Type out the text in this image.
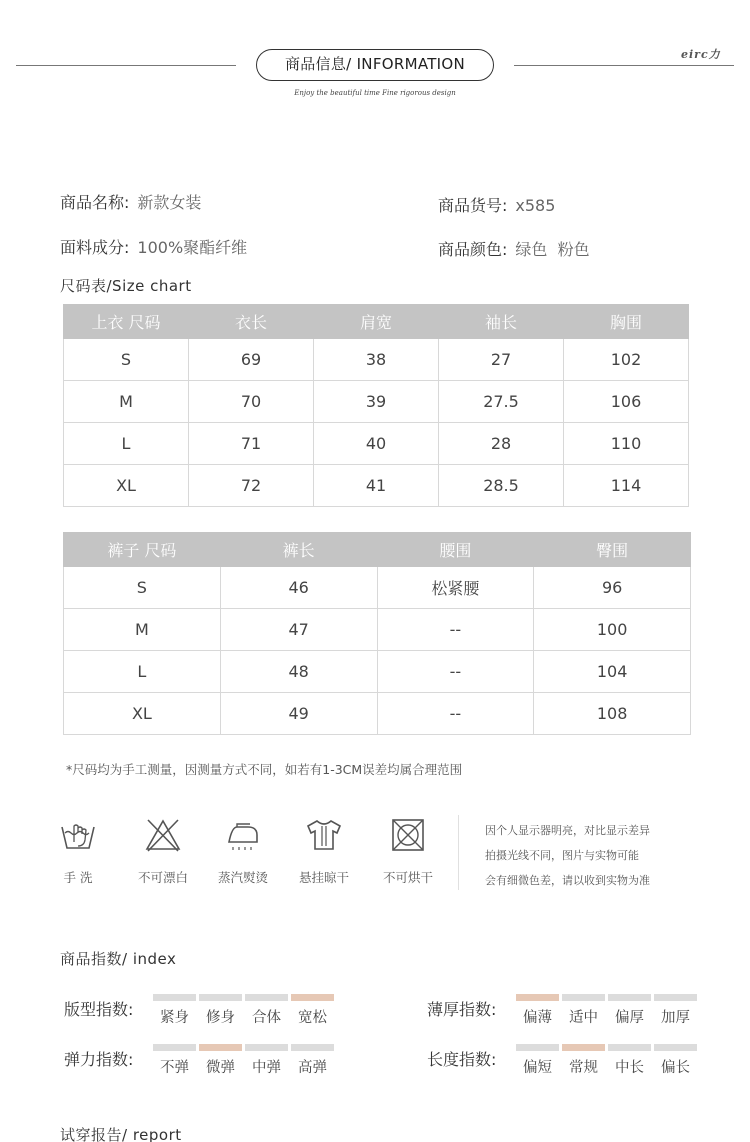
商品信息/ INFORMATION
Enjoy the beautiful time Fine rigorous design
eirc力
商品名称: 新款女装	商品货号: x585
面料成分: 100%聚酯纤维	商品颜色: 绿色  粉色
尺码表/Size chart
上衣 尺码	衣长	肩宽	袖长	胸围
S	69	38	27	102
M	70	39	27.5	106
L	71	40	28	110
XL	72	41	28.5	114
裤子 尺码	裤长	腰围	臀围
S	46	松紧腰	96
M	47	--	100
L	48	--	104
XL	49	--	108
*尺码均为手工测量，因测量方式不同，如若有1-3CM误差均属合理范围
手 洗	不可漂白	蒸汽熨烫	悬挂晾干	不可烘干
因个人显示器明亮，对比显示差异
拍摄光线不同，图片与实物可能
会有细微色差，请以收到实物为准
商品指数/ index
版型指数:	紧身	修身	合体	宽松	薄厚指数:	偏薄	适中	偏厚	加厚
弹力指数:	不弹	微弹	中弹	高弹	长度指数:	偏短	常规	中长	偏长
试穿报告/ report
